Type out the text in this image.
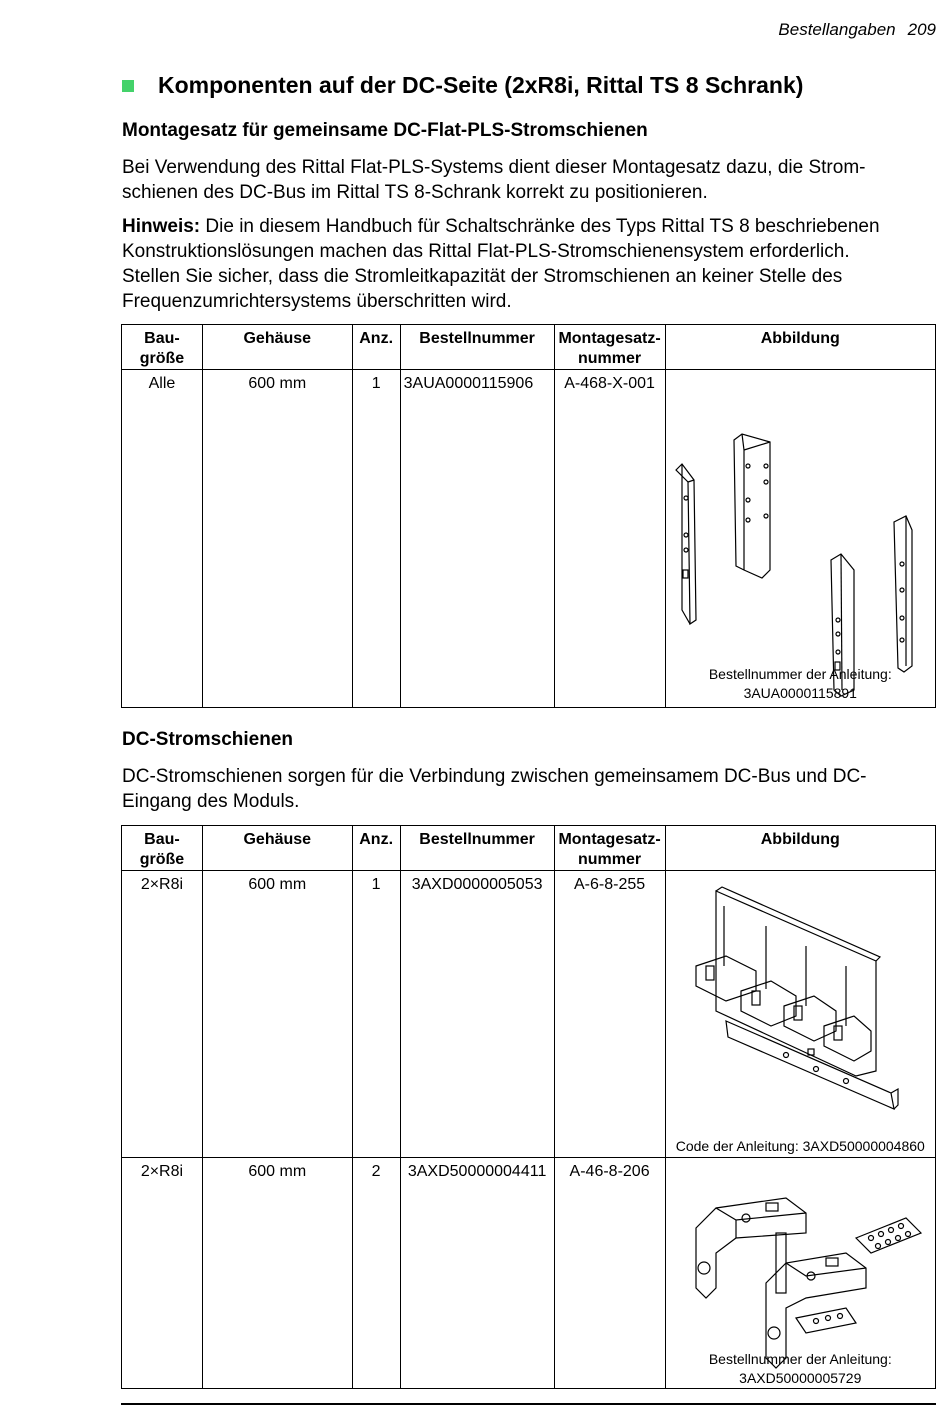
Bestellangaben 209
Komponenten auf der DC-Seite (2xR8i, Rittal TS 8 Schrank)
Montagesatz für gemeinsame DC-Flat-PLS-Stromschienen
Bei Verwendung des Rittal Flat-PLS-Systems dient dieser Montagesatz dazu, die Strom-
schienen des DC-Bus im Rittal TS 8-Schrank korrekt zu positionieren.
Hinweis: Die in diesem Handbuch für Schaltschränke des Typs Rittal TS 8 beschriebenen
Konstruktionslösungen machen das Rittal Flat-PLS-Stromschienensystem erforderlich.
Stellen Sie sicher, dass die Stromleitkapazität der Stromschienen an keiner Stelle des
Frequenzumrichtersystems überschritten wird.
Bau-
größe	Gehäuse	Anz.	Bestellnummer	Montagesatz-
nummer	Abbildung
Alle	600 mm	1	3AUA0000115906	A-468-X-001	Bestellnummer der Anleitung:
3AUA0000115891
DC-Stromschienen
DC-Stromschienen sorgen für die Verbindung zwischen gemeinsamem DC-Bus und DC-
Eingang des Moduls.
Bau-
größe	Gehäuse	Anz.	Bestellnummer	Montagesatz-
nummer	Abbildung
2×R8i	600 mm	1	3AXD0000005053	A-6-8-255	Code der Anleitung: 3AXD50000004860

2×R8i	600 mm	2	3AXD50000004411	A-46-8-206	Bestellnummer der Anleitung:
3AXD50000005729
